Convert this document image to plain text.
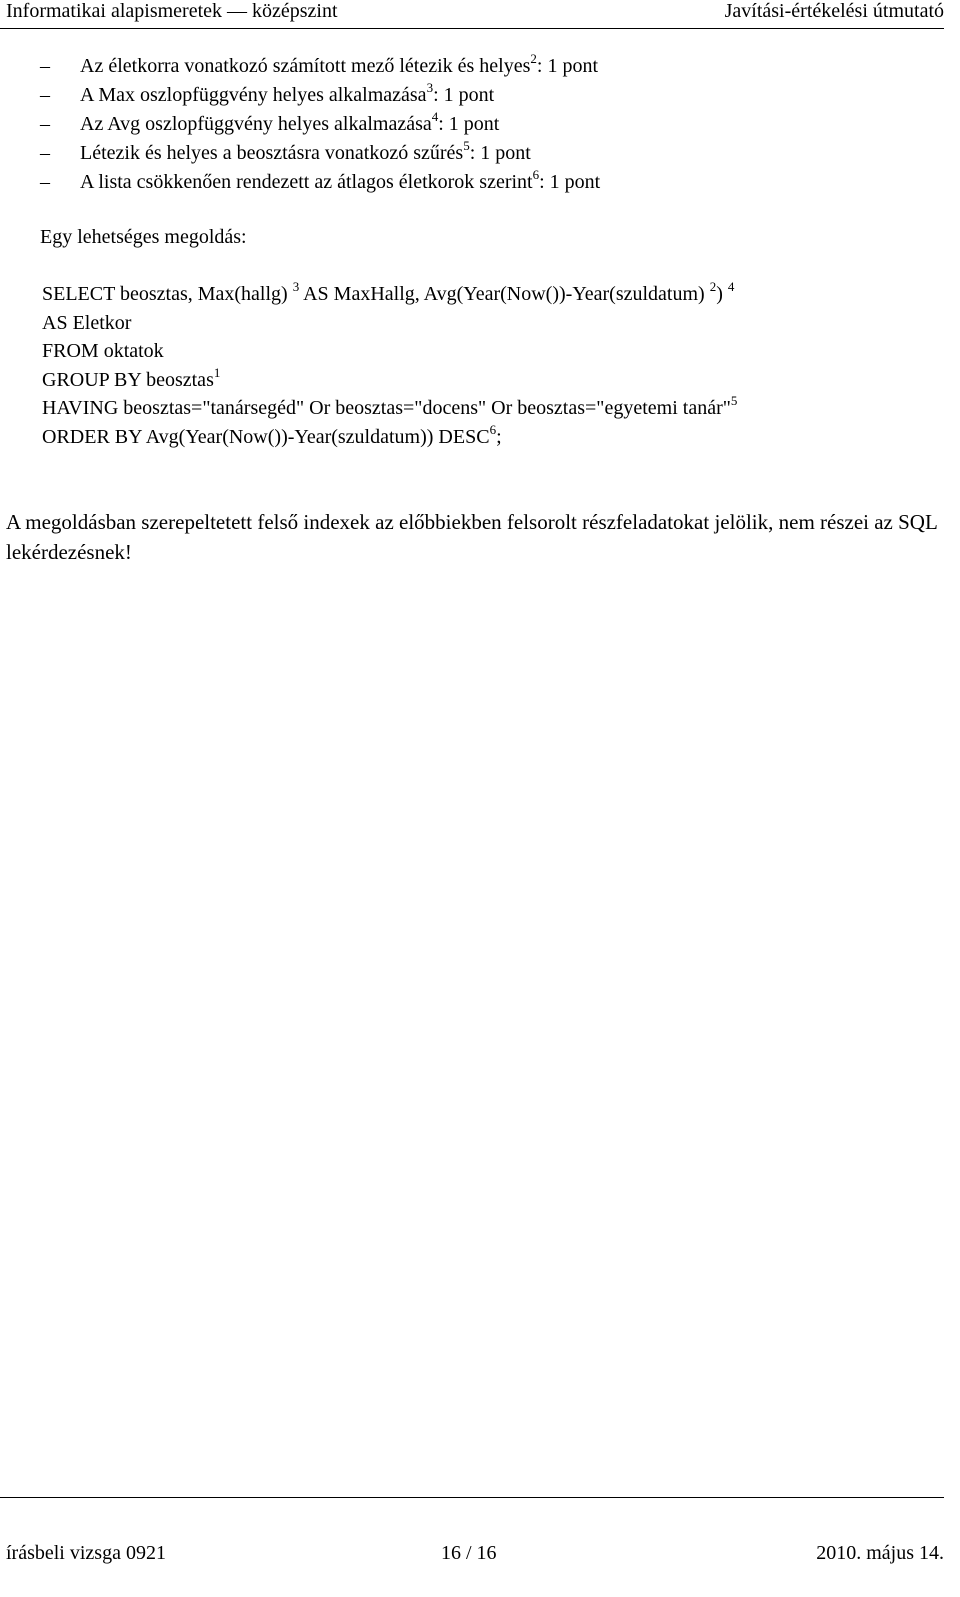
Informatikai alapismeretek — középszint	Javítási-értékelési útmutató
– Az életkorra vonatkozó számított mező létezik és helyes$^2$: 1 pont
– A Max oszlopfüggvény helyes alkalmazása$^3$: 1 pont
– Az Avg oszlopfüggvény helyes alkalmazása$^4$: 1 pont
– Létezik és helyes a beosztásra vonatkozó szűrés$^5$: 1 pont
– A lista csökkenően rendezett az átlagos életkorok szerint$^6$: 1 pont
Egy lehetséges megoldás:
SELECT beosztas, Max(hallg) $^3$ AS MaxHallg, Avg(Year(Now())-Year(szuldatum) $^2$) $^4$
AS Eletkor
FROM oktatok
GROUP BY beosztas$^1$
HAVING beosztas="tanársegéd" Or beosztas="docens" Or beosztas="egyetemi tanár"$^5$
ORDER BY Avg(Year(Now())-Year(szuldatum)) DESC$^6$;
A megoldásban szerepeltetett felső indexek az előbbiekben felsorolt részfeladatokat jelölik, nem részei az SQL lekérdezésnek!
írásbeli vizsga 0921	16 / 16	2010. május 14.
